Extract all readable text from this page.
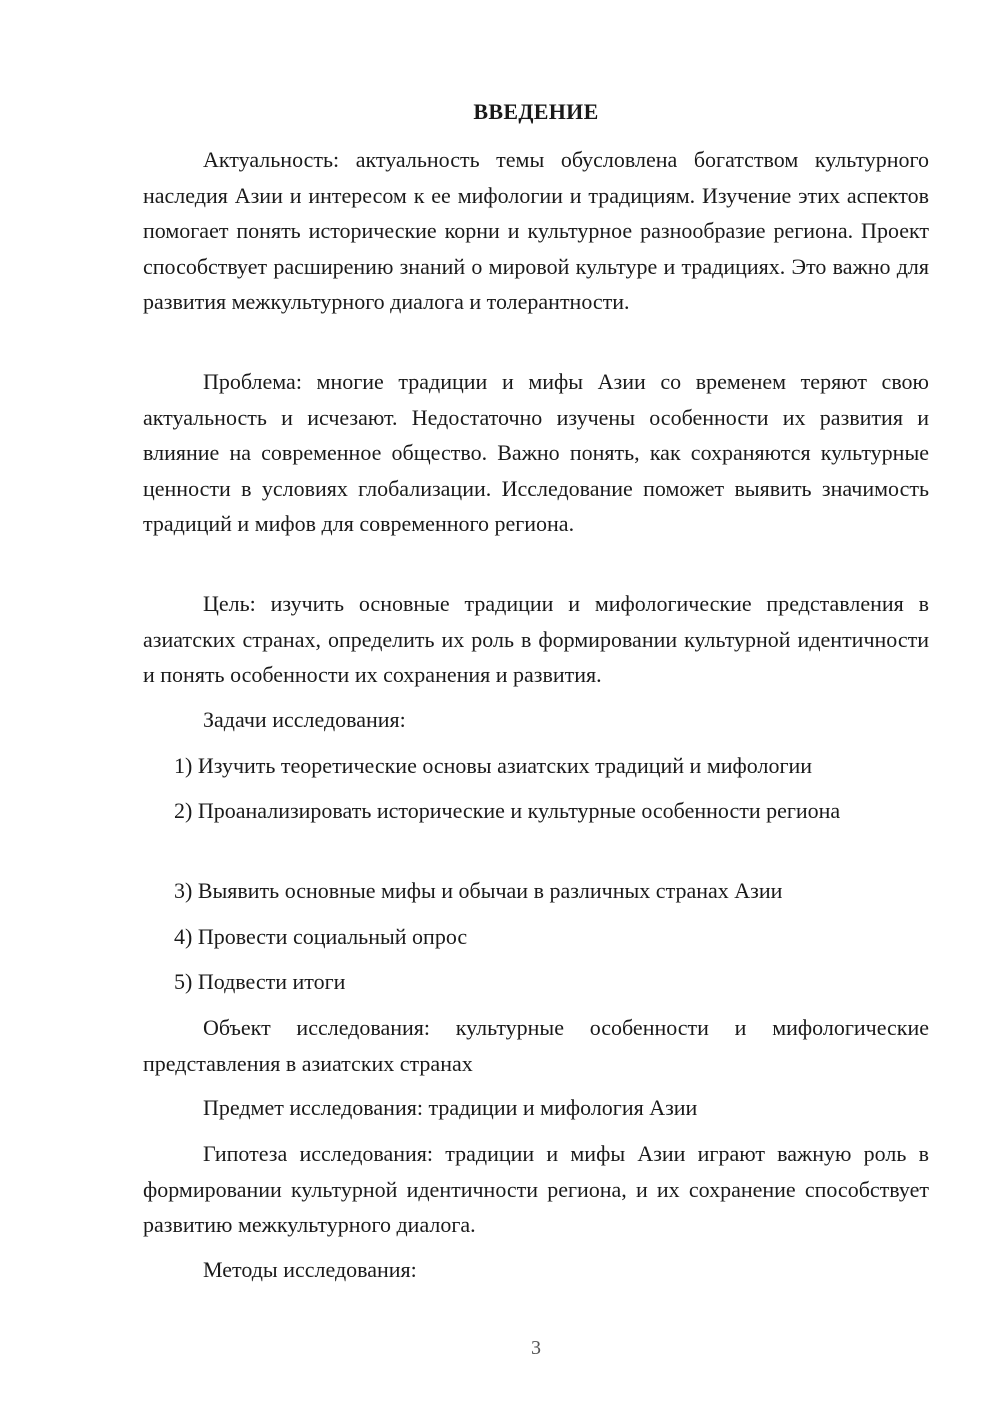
ВВЕДЕНИЕ

Актуальность: актуальность темы обусловлена богатством культурного наследия Азии и интересом к ее мифологии и традициям. Изучение этих аспектов помогает понять исторические корни и культурное разнообразие региона. Проект способствует расширению знаний о мировой культуре и традициях. Это важно для развития межкультурного диалога и толерантности.

Проблема: многие традиции и мифы Азии со временем теряют свою актуальность и исчезают. Недостаточно изучены особенности их развития и влияние на современное общество. Важно понять, как сохраняются культурные ценности в условиях глобализации. Исследование поможет выявить значимость традиций и мифов для современного региона.

Цель: изучить основные традиции и мифологические представления в азиатских странах, определить их роль в формировании культурной идентичности и понять особенности их сохранения и развития.

Задачи исследования:

1) Изучить теоретические основы азиатских традиций и мифологии

2) Проанализировать исторические и культурные особенности региона

3) Выявить основные мифы и обычаи в различных странах Азии

4) Провести социальный опрос

5) Подвести итоги

Объект исследования: культурные особенности и мифологические представления в азиатских странах

Предмет исследования: традиции и мифология Азии

Гипотеза исследования: традиции и мифы Азии играют важную роль в формировании культурной идентичности региона, и их сохранение способствует развитию межкультурного диалога.

Методы исследования:

3
